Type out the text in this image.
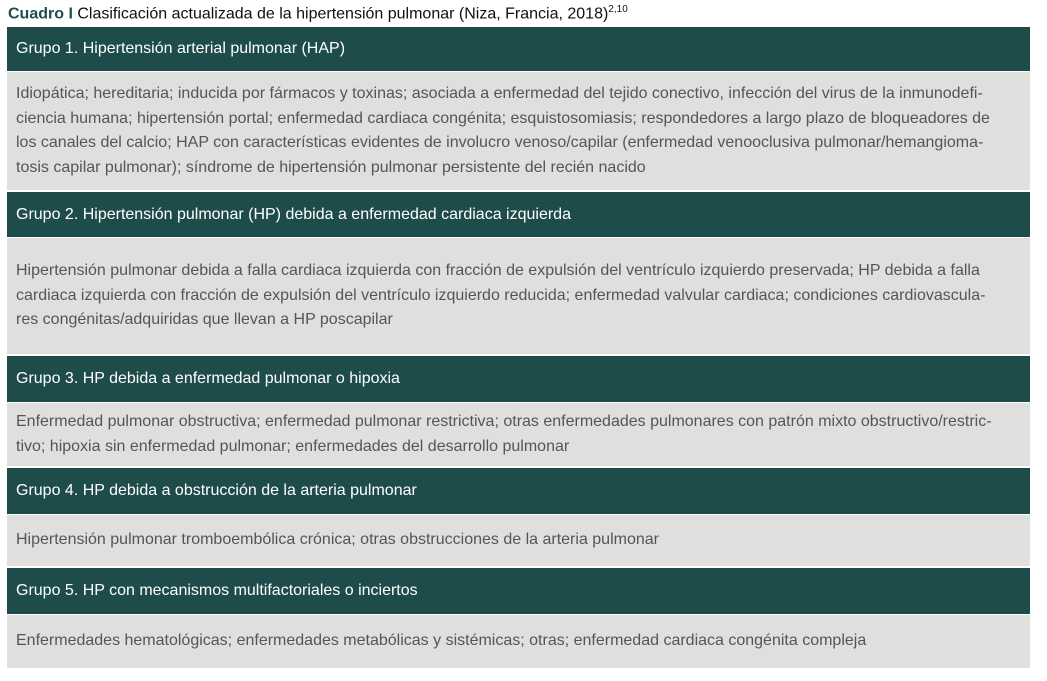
Cuadro I Clasificación actualizada de la hipertensión pulmonar (Niza, Francia, 2018)$^{2,10}$
Grupo 1. Hipertensión arterial pulmonar (HAP)
Idiopática; hereditaria; inducida por fármacos y toxinas; asociada a enfermedad del tejido conectivo, infección del virus de la inmunodefi-
ciencia humana; hipertensión portal; enfermedad cardiaca congénita; esquistosomiasis; respondedores a largo plazo de bloqueadores de
los canales del calcio; HAP con características evidentes de involucro venoso/capilar (enfermedad venooclusiva pulmonar/hemangioma-
tosis capilar pulmonar); síndrome de hipertensión pulmonar persistente del recién nacido
Grupo 2. Hipertensión pulmonar (HP) debida a enfermedad cardiaca izquierda
Hipertensión pulmonar debida a falla cardiaca izquierda con fracción de expulsión del ventrículo izquierdo preservada; HP debida a falla
cardiaca izquierda con fracción de expulsión del ventrículo izquierdo reducida; enfermedad valvular cardiaca; condiciones cardiovascula-
res congénitas/adquiridas que llevan a HP poscapilar
Grupo 3. HP debida a enfermedad pulmonar o hipoxia
Enfermedad pulmonar obstructiva; enfermedad pulmonar restrictiva; otras enfermedades pulmonares con patrón mixto obstructivo/restric-
tivo; hipoxia sin enfermedad pulmonar; enfermedades del desarrollo pulmonar
Grupo 4. HP debida a obstrucción de la arteria pulmonar
Hipertensión pulmonar tromboembólica crónica; otras obstrucciones de la arteria pulmonar
Grupo 5. HP con mecanismos multifactoriales o inciertos
Enfermedades hematológicas; enfermedades metabólicas y sistémicas; otras; enfermedad cardiaca congénita compleja
